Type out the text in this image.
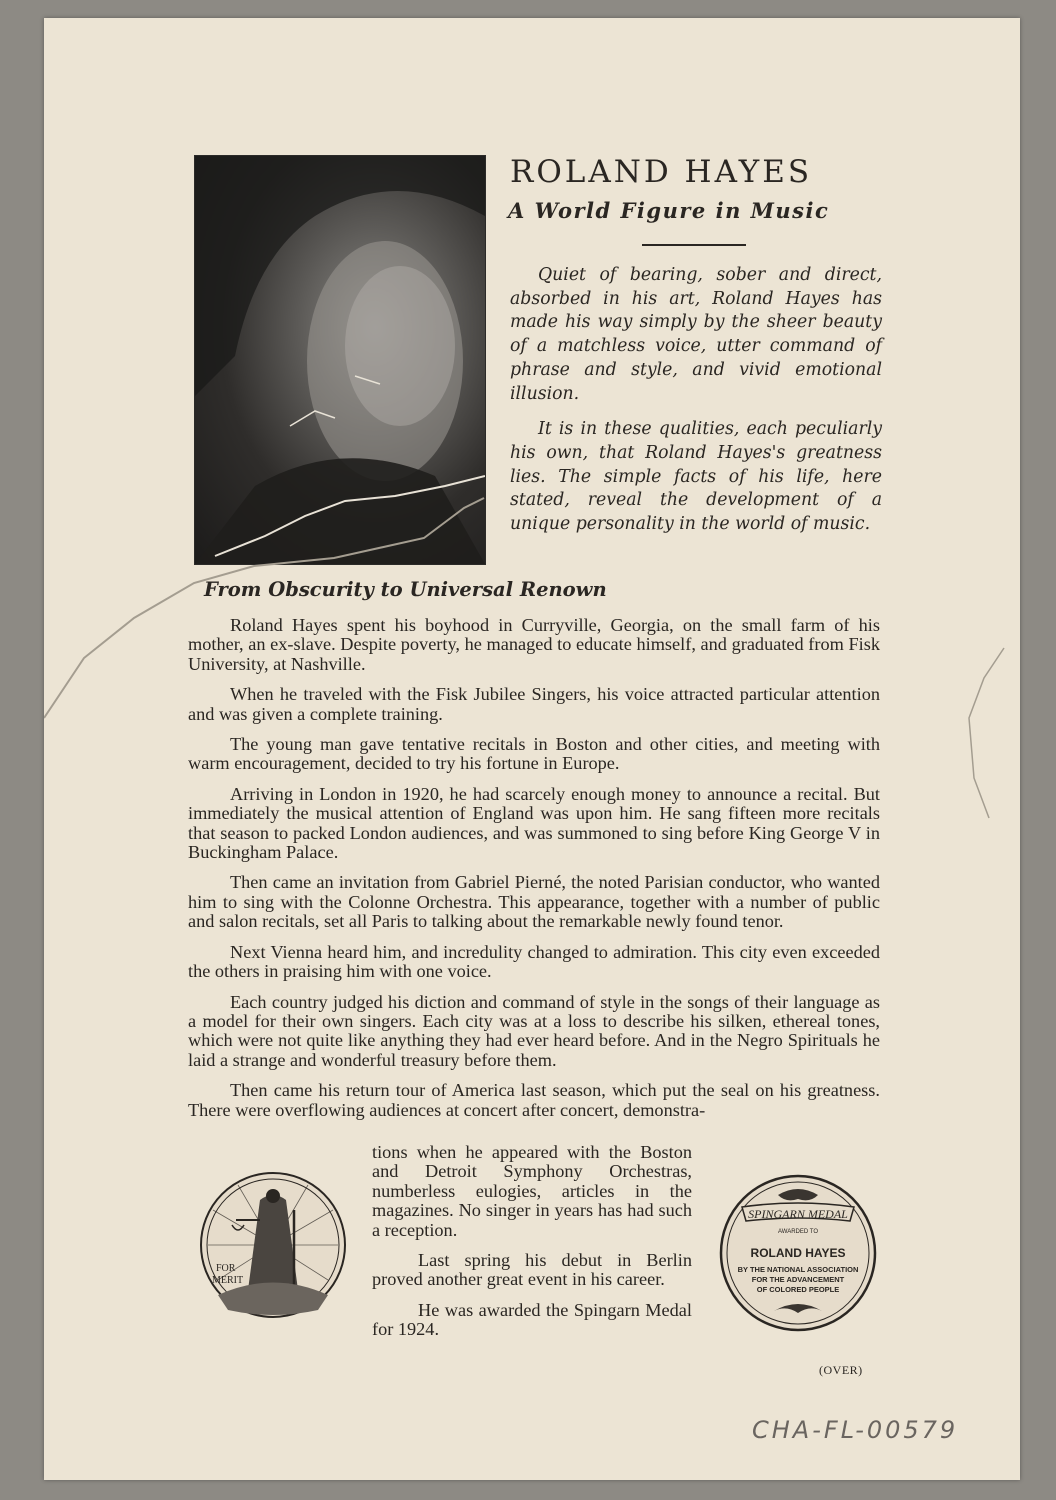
ROLAND HAYES
A World Figure in Music

Quiet of bearing, sober and direct, absorbed in his art, Roland Hayes has made his way simply by the sheer beauty of a matchless voice, utter command of phrase and style, and vivid emotional illusion.

It is in these qualities, each peculiarly his own, that Roland Hayes's greatness lies. The simple facts of his life, here stated, reveal the development of a unique personality in the world of music.

From Obscurity to Universal Renown

Roland Hayes spent his boyhood in Curryville, Georgia, on the small farm of his mother, an ex-slave. Despite poverty, he managed to educate himself, and graduated from Fisk University, at Nashville.

When he traveled with the Fisk Jubilee Singers, his voice attracted particular attention and was given a complete training.

The young man gave tentative recitals in Boston and other cities, and meeting with warm encouragement, decided to try his fortune in Europe.

Arriving in London in 1920, he had scarcely enough money to announce a recital. But immediately the musical attention of England was upon him. He sang fifteen more recitals that season to packed London audiences, and was summoned to sing before King George V in Buckingham Palace.

Then came an invitation from Gabriel Pierné, the noted Parisian conductor, who wanted him to sing with the Colonne Orchestra. This appearance, together with a number of public and salon recitals, set all Paris to talking about the remarkable newly found tenor.

Next Vienna heard him, and incredulity changed to admiration. This city even exceeded the others in praising him with one voice.

Each country judged his diction and command of style in the songs of their language as a model for their own singers. Each city was at a loss to describe his silken, ethereal tones, which were not quite like anything they had ever heard before. And in the Negro Spirituals he laid a strange and wonderful treasury before them.

Then came his return tour of America last season, which put the seal on his greatness. There were overflowing audiences at concert after concert, demonstra-

tions when he appeared with the Boston and Detroit Symphony Orchestras, numberless eulogies, articles in the magazines. No singer in years has had such a reception.

Last spring his debut in Berlin proved another great event in his career.

He was awarded the Spingarn Medal for 1924.

FOR
MERIT
SPINGARN MEDAL
AWARDED TO
ROLAND HAYES
BY THE NATIONAL ASSOCIATION
FOR THE ADVANCEMENT
OF COLORED PEOPLE
(OVER)
CHA-FL-00579
